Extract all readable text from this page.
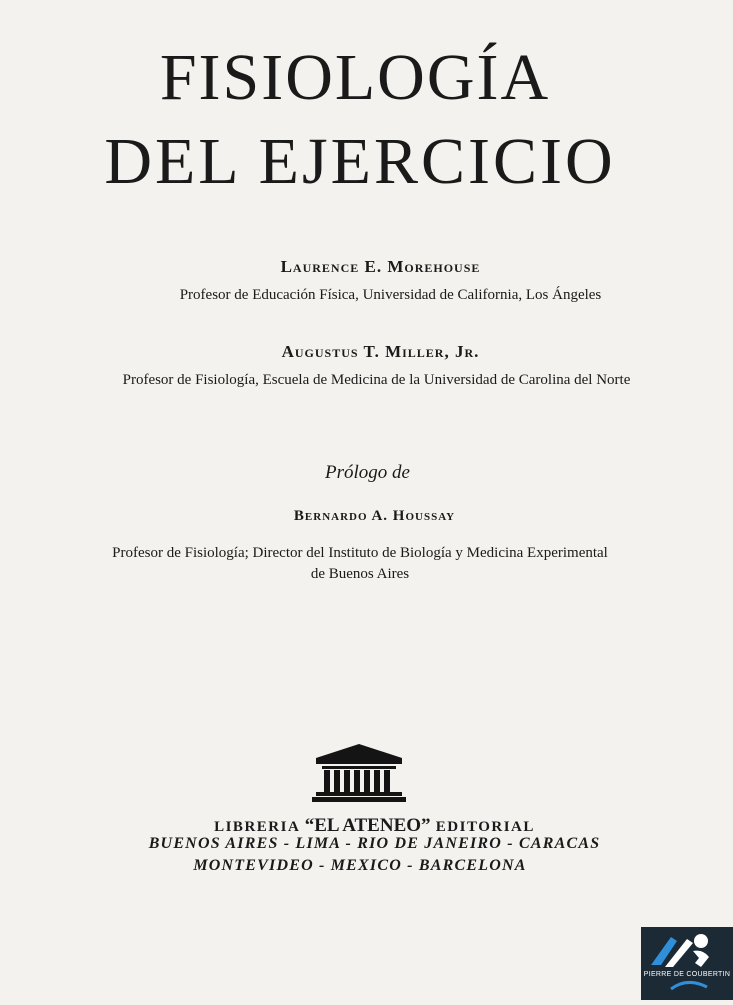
FISIOLOGÍA
DEL EJERCICIO
Laurence E. Morehouse
Profesor de Educación Física, Universidad de California, Los Ángeles
Augustus T. Miller, Jr.
Profesor de Fisiología, Escuela de Medicina de la Universidad de Carolina del Norte
Prólogo de
Bernardo A. Houssay
Profesor de Fisiología; Director del Instituto de Biología y Medicina Experimental
de Buenos Aires
LIBRERIA “EL ATENEO” EDITORIAL
BUENOS AIRES - LIMA - RIO DE JANEIRO - CARACAS
MONTEVIDEO - MEXICO - BARCELONA
PIERRE DE COUBERTIN
